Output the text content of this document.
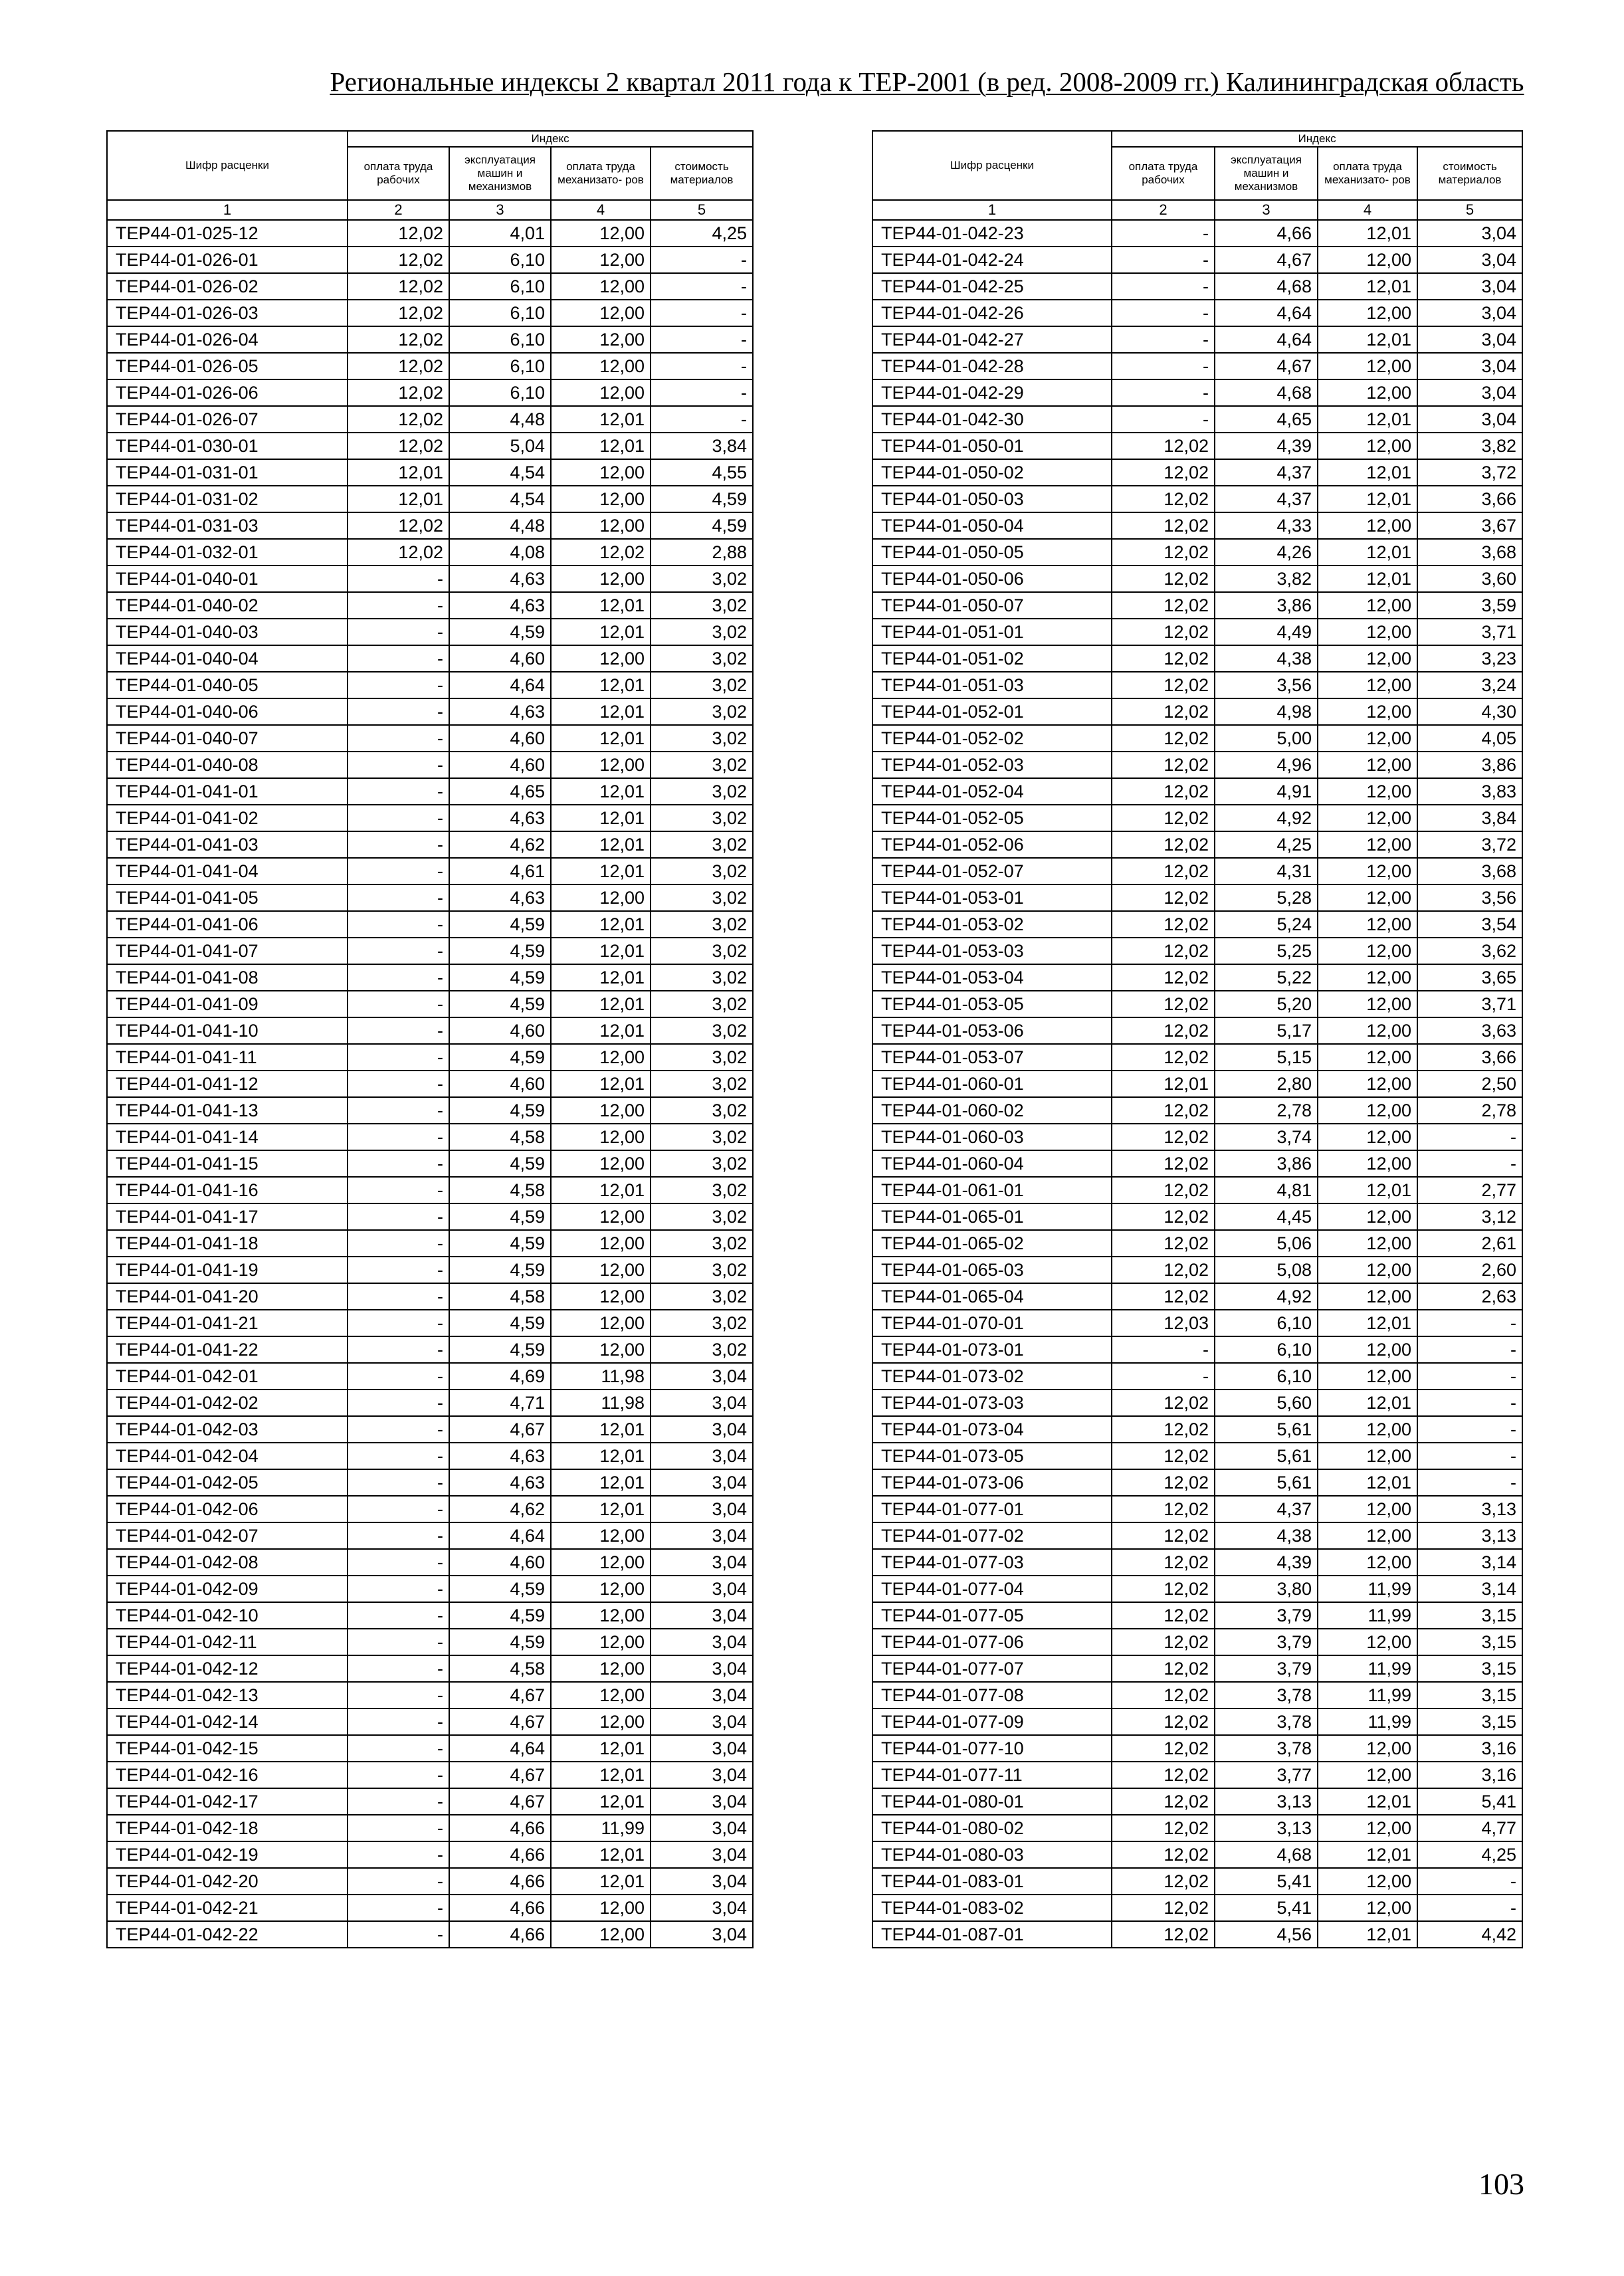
Региональные индексы 2 квартал 2011 года к ТЕР-2001 (в ред. 2008-2009 гг.) Калининградская область
Шифр расценки	Индекс			
	оплата труда рабочих	эксплуатация машин и механизмов	оплата труда механизато- ров	стоимость материалов
1	2	3	4	5
ТЕР44-01-025-12	12,02	4,01	12,00	4,25
ТЕР44-01-026-01	12,02	6,10	12,00	-
ТЕР44-01-026-02	12,02	6,10	12,00	-
ТЕР44-01-026-03	12,02	6,10	12,00	-
ТЕР44-01-026-04	12,02	6,10	12,00	-
ТЕР44-01-026-05	12,02	6,10	12,00	-
ТЕР44-01-026-06	12,02	6,10	12,00	-
ТЕР44-01-026-07	12,02	4,48	12,01	-
ТЕР44-01-030-01	12,02	5,04	12,01	3,84
ТЕР44-01-031-01	12,01	4,54	12,00	4,55
ТЕР44-01-031-02	12,01	4,54	12,00	4,59
ТЕР44-01-031-03	12,02	4,48	12,00	4,59
ТЕР44-01-032-01	12,02	4,08	12,02	2,88
ТЕР44-01-040-01	-	4,63	12,00	3,02
ТЕР44-01-040-02	-	4,63	12,01	3,02
ТЕР44-01-040-03	-	4,59	12,01	3,02
ТЕР44-01-040-04	-	4,60	12,00	3,02
ТЕР44-01-040-05	-	4,64	12,01	3,02
ТЕР44-01-040-06	-	4,63	12,01	3,02
ТЕР44-01-040-07	-	4,60	12,01	3,02
ТЕР44-01-040-08	-	4,60	12,00	3,02
ТЕР44-01-041-01	-	4,65	12,01	3,02
ТЕР44-01-041-02	-	4,63	12,01	3,02
ТЕР44-01-041-03	-	4,62	12,01	3,02
ТЕР44-01-041-04	-	4,61	12,01	3,02
ТЕР44-01-041-05	-	4,63	12,00	3,02
ТЕР44-01-041-06	-	4,59	12,01	3,02
ТЕР44-01-041-07	-	4,59	12,01	3,02
ТЕР44-01-041-08	-	4,59	12,01	3,02
ТЕР44-01-041-09	-	4,59	12,01	3,02
ТЕР44-01-041-10	-	4,60	12,01	3,02
ТЕР44-01-041-11	-	4,59	12,00	3,02
ТЕР44-01-041-12	-	4,60	12,01	3,02
ТЕР44-01-041-13	-	4,59	12,00	3,02
ТЕР44-01-041-14	-	4,58	12,00	3,02
ТЕР44-01-041-15	-	4,59	12,00	3,02
ТЕР44-01-041-16	-	4,58	12,01	3,02
ТЕР44-01-041-17	-	4,59	12,00	3,02
ТЕР44-01-041-18	-	4,59	12,00	3,02
ТЕР44-01-041-19	-	4,59	12,00	3,02
ТЕР44-01-041-20	-	4,58	12,00	3,02
ТЕР44-01-041-21	-	4,59	12,00	3,02
ТЕР44-01-041-22	-	4,59	12,00	3,02
ТЕР44-01-042-01	-	4,69	11,98	3,04
ТЕР44-01-042-02	-	4,71	11,98	3,04
ТЕР44-01-042-03	-	4,67	12,01	3,04
ТЕР44-01-042-04	-	4,63	12,01	3,04
ТЕР44-01-042-05	-	4,63	12,01	3,04
ТЕР44-01-042-06	-	4,62	12,01	3,04
ТЕР44-01-042-07	-	4,64	12,00	3,04
ТЕР44-01-042-08	-	4,60	12,00	3,04
ТЕР44-01-042-09	-	4,59	12,00	3,04
ТЕР44-01-042-10	-	4,59	12,00	3,04
ТЕР44-01-042-11	-	4,59	12,00	3,04
ТЕР44-01-042-12	-	4,58	12,00	3,04
ТЕР44-01-042-13	-	4,67	12,00	3,04
ТЕР44-01-042-14	-	4,67	12,00	3,04
ТЕР44-01-042-15	-	4,64	12,01	3,04
ТЕР44-01-042-16	-	4,67	12,01	3,04
ТЕР44-01-042-17	-	4,67	12,01	3,04
ТЕР44-01-042-18	-	4,66	11,99	3,04
ТЕР44-01-042-19	-	4,66	12,01	3,04
ТЕР44-01-042-20	-	4,66	12,01	3,04
ТЕР44-01-042-21	-	4,66	12,00	3,04
ТЕР44-01-042-22	-	4,66	12,00	3,04
Шифр расценки	Индекс			
	оплата труда рабочих	эксплуатация машин и механизмов	оплата труда механизато- ров	стоимость материалов
1	2	3	4	5
ТЕР44-01-042-23	-	4,66	12,01	3,04
ТЕР44-01-042-24	-	4,67	12,00	3,04
ТЕР44-01-042-25	-	4,68	12,01	3,04
ТЕР44-01-042-26	-	4,64	12,00	3,04
ТЕР44-01-042-27	-	4,64	12,01	3,04
ТЕР44-01-042-28	-	4,67	12,00	3,04
ТЕР44-01-042-29	-	4,68	12,00	3,04
ТЕР44-01-042-30	-	4,65	12,01	3,04
ТЕР44-01-050-01	12,02	4,39	12,00	3,82
ТЕР44-01-050-02	12,02	4,37	12,01	3,72
ТЕР44-01-050-03	12,02	4,37	12,01	3,66
ТЕР44-01-050-04	12,02	4,33	12,00	3,67
ТЕР44-01-050-05	12,02	4,26	12,01	3,68
ТЕР44-01-050-06	12,02	3,82	12,01	3,60
ТЕР44-01-050-07	12,02	3,86	12,00	3,59
ТЕР44-01-051-01	12,02	4,49	12,00	3,71
ТЕР44-01-051-02	12,02	4,38	12,00	3,23
ТЕР44-01-051-03	12,02	3,56	12,00	3,24
ТЕР44-01-052-01	12,02	4,98	12,00	4,30
ТЕР44-01-052-02	12,02	5,00	12,00	4,05
ТЕР44-01-052-03	12,02	4,96	12,00	3,86
ТЕР44-01-052-04	12,02	4,91	12,00	3,83
ТЕР44-01-052-05	12,02	4,92	12,00	3,84
ТЕР44-01-052-06	12,02	4,25	12,00	3,72
ТЕР44-01-052-07	12,02	4,31	12,00	3,68
ТЕР44-01-053-01	12,02	5,28	12,00	3,56
ТЕР44-01-053-02	12,02	5,24	12,00	3,54
ТЕР44-01-053-03	12,02	5,25	12,00	3,62
ТЕР44-01-053-04	12,02	5,22	12,00	3,65
ТЕР44-01-053-05	12,02	5,20	12,00	3,71
ТЕР44-01-053-06	12,02	5,17	12,00	3,63
ТЕР44-01-053-07	12,02	5,15	12,00	3,66
ТЕР44-01-060-01	12,01	2,80	12,00	2,50
ТЕР44-01-060-02	12,02	2,78	12,00	2,78
ТЕР44-01-060-03	12,02	3,74	12,00	-
ТЕР44-01-060-04	12,02	3,86	12,00	-
ТЕР44-01-061-01	12,02	4,81	12,01	2,77
ТЕР44-01-065-01	12,02	4,45	12,00	3,12
ТЕР44-01-065-02	12,02	5,06	12,00	2,61
ТЕР44-01-065-03	12,02	5,08	12,00	2,60
ТЕР44-01-065-04	12,02	4,92	12,00	2,63
ТЕР44-01-070-01	12,03	6,10	12,01	-
ТЕР44-01-073-01	-	6,10	12,00	-
ТЕР44-01-073-02	-	6,10	12,00	-
ТЕР44-01-073-03	12,02	5,60	12,01	-
ТЕР44-01-073-04	12,02	5,61	12,00	-
ТЕР44-01-073-05	12,02	5,61	12,00	-
ТЕР44-01-073-06	12,02	5,61	12,01	-
ТЕР44-01-077-01	12,02	4,37	12,00	3,13
ТЕР44-01-077-02	12,02	4,38	12,00	3,13
ТЕР44-01-077-03	12,02	4,39	12,00	3,14
ТЕР44-01-077-04	12,02	3,80	11,99	3,14
ТЕР44-01-077-05	12,02	3,79	11,99	3,15
ТЕР44-01-077-06	12,02	3,79	12,00	3,15
ТЕР44-01-077-07	12,02	3,79	11,99	3,15
ТЕР44-01-077-08	12,02	3,78	11,99	3,15
ТЕР44-01-077-09	12,02	3,78	11,99	3,15
ТЕР44-01-077-10	12,02	3,78	12,00	3,16
ТЕР44-01-077-11	12,02	3,77	12,00	3,16
ТЕР44-01-080-01	12,02	3,13	12,01	5,41
ТЕР44-01-080-02	12,02	3,13	12,00	4,77
ТЕР44-01-080-03	12,02	4,68	12,01	4,25
ТЕР44-01-083-01	12,02	5,41	12,00	-
ТЕР44-01-083-02	12,02	5,41	12,00	-
ТЕР44-01-087-01	12,02	4,56	12,01	4,42
103
